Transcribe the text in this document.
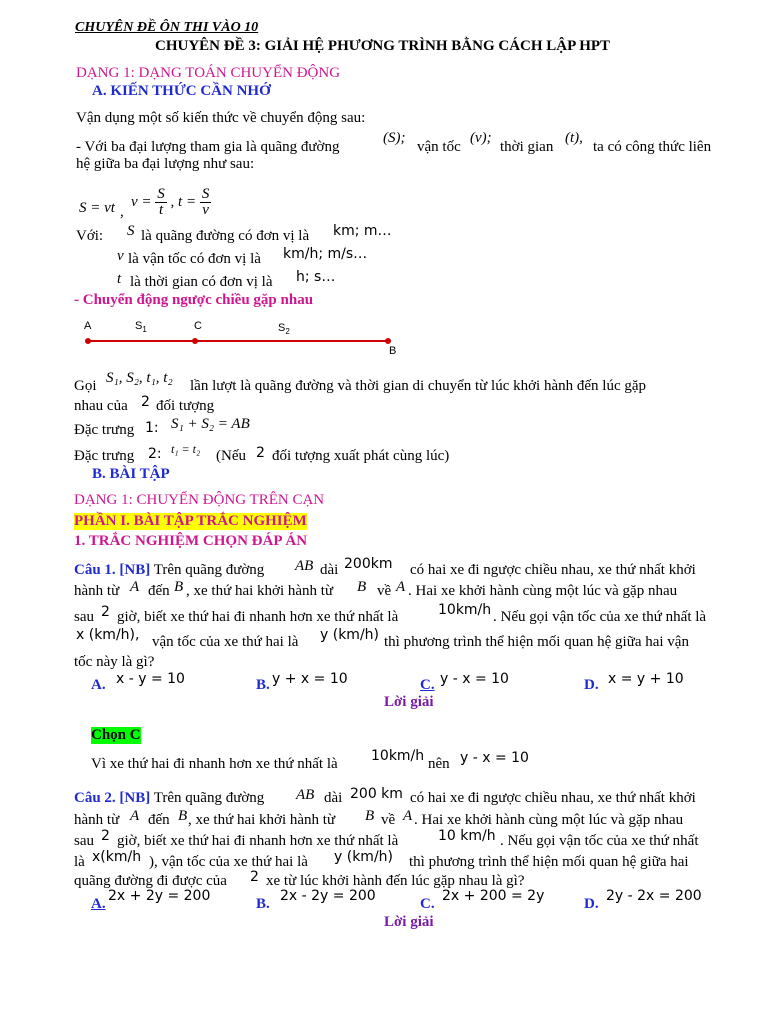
CHUYÊN ĐỀ ÔN THI VÀO 10
CHUYÊN ĐỀ 3: GIẢI HỆ PHƯƠNG TRÌNH BẰNG CÁCH LẬP HPT
DẠNG 1: DẠNG TOÁN CHUYỂN ĐỘNG
A. KIẾN THỨC CẦN NHỚ
Vận dụng một số kiến thức về chuyển động sau:
- Với ba đại lượng tham gia là quãng đường
(S);
vận tốc
(v);
thời gian
(t),
ta có công thức liên
hệ giữa ba đại lượng như sau:
S = vt ,
$v = \frac{S}{t}$ , $t = \frac{S}{v}$
Với: S là quãng đường có đơn vị là km; m…
v là vận tốc có đơn vị là km/h; m/s…
t là thời gian có đơn vị là h; s…
- Chuyển động ngược chiều gặp nhau
A	$S_1$	C	$S_2$
B
Gọi S₁, S₂, t₁, t₂ lần lượt là quãng đường và thời gian di chuyển từ lúc khởi hành đến lúc gặp
nhau của 2 đối tượng
Đặc trưng 1: S₁ + S₂ = AB
Đặc trưng 2: t₁ = t₂ (Nếu 2 đối tượng xuất phát cùng lúc)
B. BÀI TẬP
DẠNG 1: CHUYỂN ĐỘNG TRÊN CẠN
PHẦN I. BÀI TẬP TRẮC NGHIỆM
1. TRẮC NGHIỆM CHỌN ĐÁP ÁN
Câu 1. [NB] Trên quãng đường AB dài 200km có hai xe đi ngược chiều nhau, xe thứ nhất khởi
hành từ A đến B , xe thứ hai khởi hành từ B về A . Hai xe khởi hành cùng một lúc và gặp nhau
sau 2 giờ, biết xe thứ hai đi nhanh hơn xe thứ nhất là	10km/h . Nếu gọi vận tốc của xe thứ nhất là
x (km/h), vận tốc của xe thứ hai là y (km/h) thì phương trình thể hiện mối quan hệ giữa hai vận
tốc này là gì?
A. x - y = 10	B. y + x = 10	C. y - x = 10	D. x = y + 10
Lời giải
Chọn C
Vì xe thứ hai đi nhanh hơn xe thứ nhất là 10km/h nên y - x = 10
Câu 2. [NB] Trên quãng đường AB dài 200 km có hai xe đi ngược chiều nhau, xe thứ nhất khởi
hành từ A đến B , xe thứ hai khởi hành từ B về A . Hai xe khởi hành cùng một lúc và gặp nhau
sau 2 giờ, biết xe thứ hai đi nhanh hơn xe thứ nhất là	10 km/h . Nếu gọi vận tốc của xe thứ nhất
là x(km/h ), vận tốc của xe thứ hai là y (km/h) thì phương trình thể hiện mối quan hệ giữa hai
quãng đường đi được của 2 xe từ lúc khởi hành đến lúc gặp nhau là gì?
A. 2x + 2y = 200	B. 2x - 2y = 200	C. 2x + 200 = 2y	D. 2y - 2x = 200
Lời giải
